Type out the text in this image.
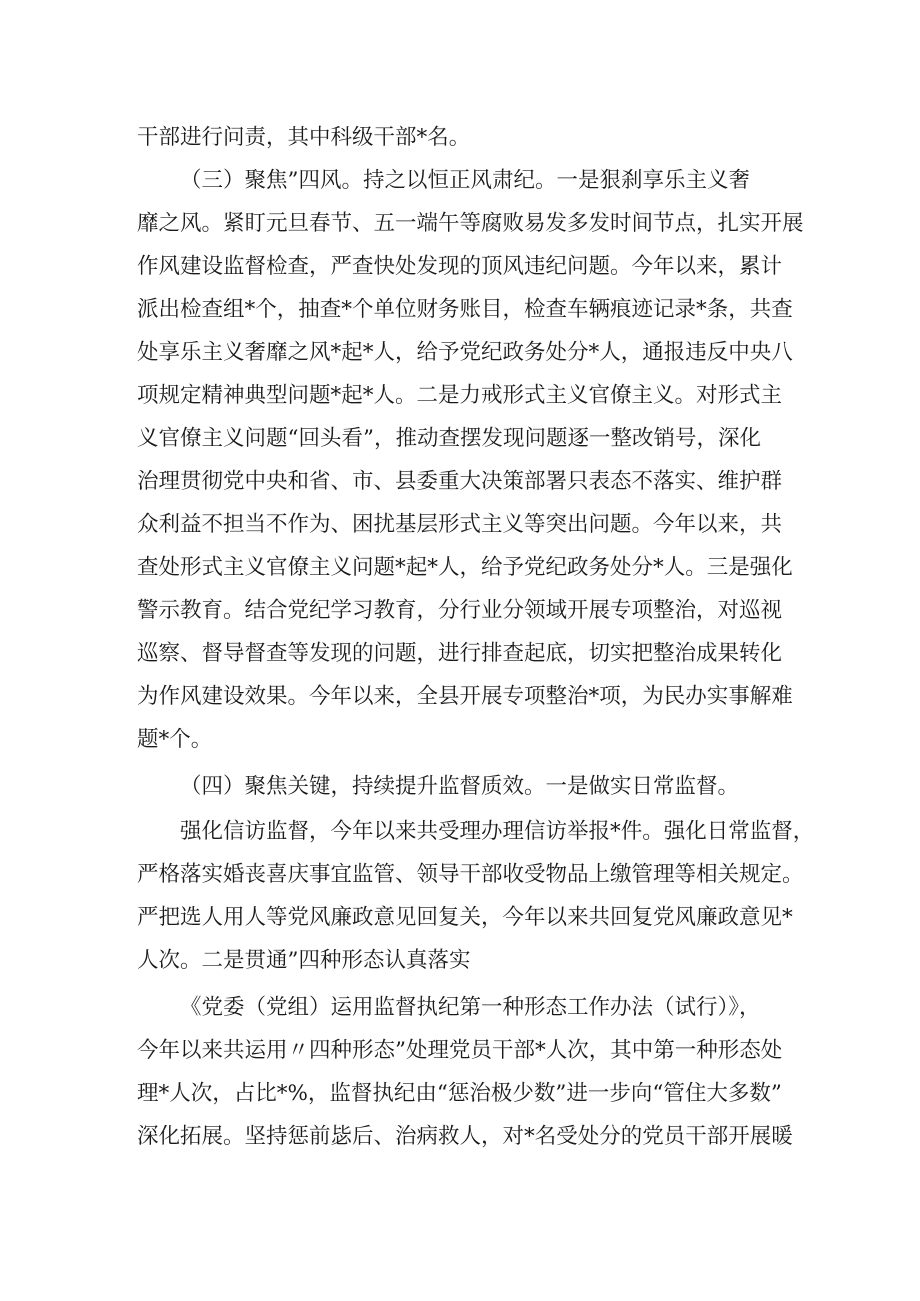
干部进行问责，其中科级干部*名。

（三）聚焦”四风。持之以恒正风肃纪。一是狠刹享乐主义奢

靡之风。紧盯元旦春节、五一端午等腐败易发多发时间节点，扎实开展

作风建设监督检查，严查快处发现的顶风违纪问题。今年以来，累计

派出检查组*个，抽查*个单位财务账目，检查车辆痕迹记录*条，共查

处享乐主义奢靡之风*起*人，给予党纪政务处分*人，通报违反中央八

项规定精神典型问题*起*人。二是力戒形式主义官僚主义。对形式主

义官僚主义问题“回头看”，推动查摆发现问题逐一整改销号，深化

治理贯彻党中央和省、市、县委重大决策部署只表态不落实、维护群

众利益不担当不作为、困扰基层形式主义等突出问题。今年以来，共

查处形式主义官僚主义问题*起*人，给予党纪政务处分*人。三是强化

警示教育。结合党纪学习教育，分行业分领域开展专项整治，对巡视

巡察、督导督查等发现的问题，进行排查起底，切实把整治成果转化

为作风建设效果。今年以来，全县开展专项整治*项，为民办实事解难

题*个。

（四）聚焦关键，持续提升监督质效。一是做实日常监督。

强化信访监督，今年以来共受理办理信访举报*件。强化日常监督，

严格落实婚丧喜庆事宜监管、领导干部收受物品上缴管理等相关规定。

严把选人用人等党风廉政意见回复关，今年以来共回复党风廉政意见*

人次。二是贯通”四种形态认真落实

《党委（党组）运用监督执纪第一种形态工作办法（试行）》，

今年以来共运用〃四种形态”处理党员干部*人次，其中第一种形态处

理*人次，占比*%，监督执纪由“惩治极少数”进一步向“管住大多数”

深化拓展。坚持惩前毖后、治病救人，对*名受处分的党员干部开展暖
